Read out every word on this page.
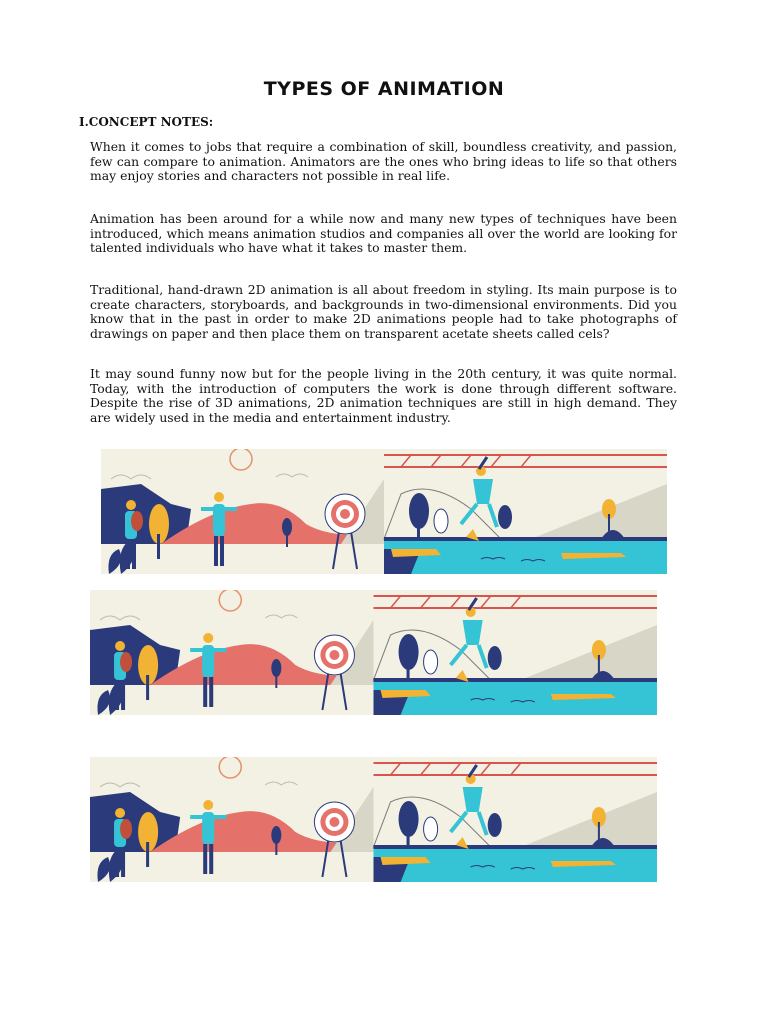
TYPES OF ANIMATION
I.CONCEPT NOTES:

When it comes to jobs that require a combination of skill, boundless creativity, and passion, few can compare to animation. Animators are the ones who bring ideas to life so that others may enjoy stories and characters not possible in real life.

Animation has been around for a while now and many new types of techniques have been introduced, which means animation studios and companies all over the world are looking for talented individuals who have what it takes to master them.

Traditional, hand-drawn 2D animation is all about freedom in styling. Its main purpose is to create characters, storyboards, and backgrounds in two-dimensional environments. Did you know that in the past in order to make 2D animations people had to take photographs of drawings on paper and then place them on transparent acetate sheets called cels?

It may sound funny now but for the people living in the 20th century, it was quite normal. Today, with the introduction of computers the work is done through different software. Despite the rise of 3D animations, 2D animation techniques are still in high demand. They are widely used in the media and entertainment industry.
